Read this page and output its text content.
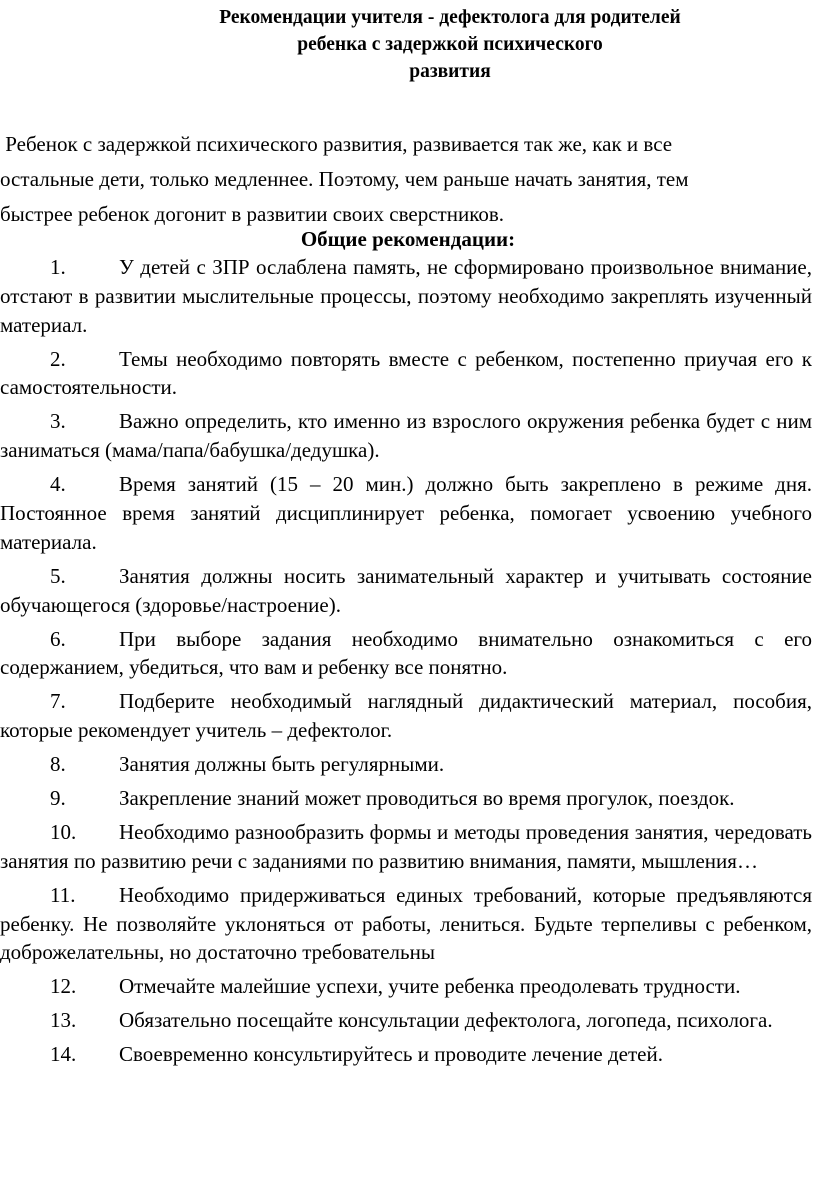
Рекомендации учителя - дефектолога для родителей
ребенка с задержкой психического
развития
Ребенок с задержкой психического развития, развивается так же, как и все
остальные дети, только медленнее. Поэтому, чем раньше начать занятия, тем
быстрее ребенок догонит в развитии своих сверстников.
Общие рекомендации:
1.	У детей с ЗПР ослаблена память, не сформировано произвольное внимание, отстают в развитии мыслительные процессы, поэтому необходимо закреплять изученный материал.
2.	Темы необходимо повторять вместе с ребенком, постепенно приучая его к самостоятельности.
3.	Важно определить, кто именно из взрослого окружения ребенка будет с ним заниматься (мама/папа/бабушка/дедушка).
4.	Время занятий (15 – 20 мин.) должно быть закреплено в режиме дня. Постоянное время занятий дисциплинирует ребенка, помогает усвоению учебного материала.
5.	Занятия должны носить занимательный характер и учитывать состояние обучающегося (здоровье/настроение).
6.	При выборе задания необходимо внимательно ознакомиться с его содержанием, убедиться, что вам и ребенку все понятно.
7.	Подберите необходимый наглядный дидактический материал, пособия, которые рекомендует учитель – дефектолог.
8.	Занятия должны быть регулярными.
9.	Закрепление знаний может проводиться во время прогулок, поездок.
10. Необходимо разнообразить формы и методы проведения занятия, чередовать занятия по развитию речи с заданиями по развитию внимания, памяти, мышления…
11. Необходимо придерживаться единых требований, которые предъявляются ребенку. Не позволяйте уклоняться от работы, лениться. Будьте терпеливы с ребенком, доброжелательны, но достаточно требовательны
12. Отмечайте малейшие успехи, учите ребенка преодолевать трудности.
13. Обязательно посещайте консультации дефектолога, логопеда, психолога.
14. Своевременно консультируйтесь и проводите лечение детей.
